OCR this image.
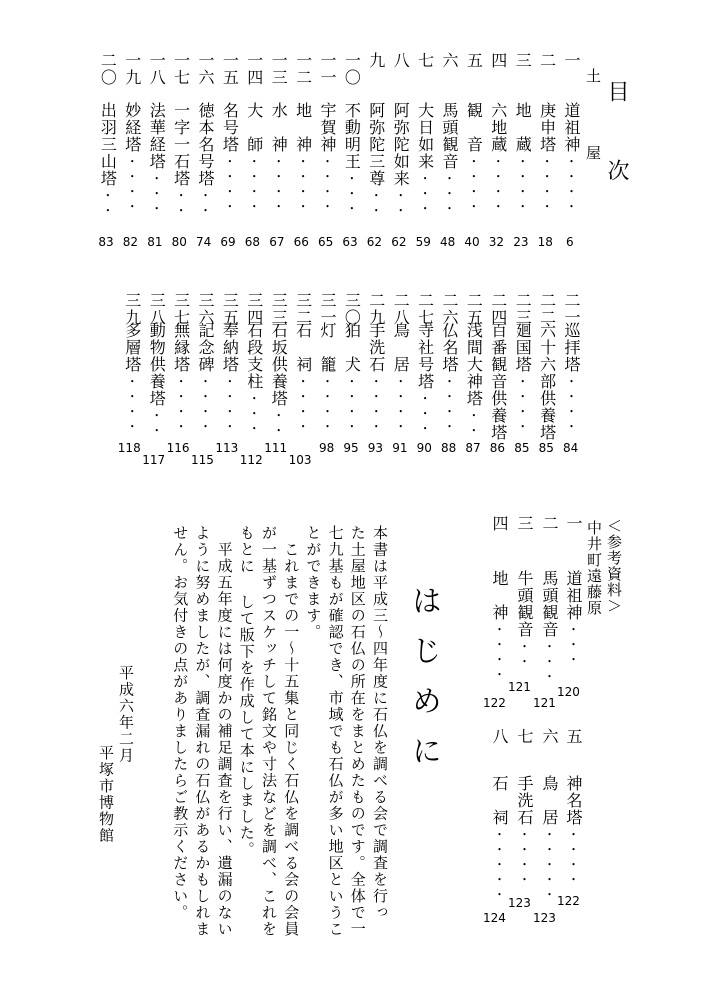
目 次
土 屋
＜参考資料＞
中井町遠藤原
はじめに
本書は平成三～四年度に石仏を調べる会で調査を行っ
た土屋地区の石仏の所在をまとめたものです。全体で一
七九基もが確認でき、市域でも石仏が多い地区というこ
とができます。
　これまでの一～十五集と同じく石仏を調べる会の会員
が一基ずつスケッチして銘文や寸法などを調べ、これを
もとに して版下を作成して本にしました。
　平成五年度には何度かの補足調査を行い、遺漏のない
ように努めましたが、調査漏れの石仏があるかもしれま
せん。お気付きの点がありましたらご教示ください。
平成六年二月
平塚市博物館
一
道祖神
・・・・
6
二
庚申塔
・・・・
18
三
地　蔵
・・・・
23
四
六地蔵
・・・・
32
五
観　音
・・・・
40
六
馬頭観音
・・・
48
七
大日如来
・・・
59
八
阿弥陀如来
・・
62
九
阿弥陀三尊
・・
62
一〇
不動明王
・・・
63
一一
宇賀神
・・・・
65
一二
地　神
・・・・
66
一三
水　神
・・・・
67
一四
大　師
・・・・
68
一五
名号塔
・・・・
69
一六
徳本名号塔
・・
74
一七
一字一石塔
・・
80
一八
法華経塔
・・・
81
一九
妙経塔
・・・・
82
二〇
出羽三山塔
・・
83
二一
巡拝塔
・・・・
84
二二
六十六部供養塔
85
二三
廻国塔
・・・・
85
二四
百番観音供養塔
86
二五
浅間大神塔
・・
87
二六
仏名塔
・・・・
88
二七
寺社号塔
・・・
90
二八
鳥　居
・・・・
91
二九
手洗石
・・・・
93
三〇
狛　犬
・・・・
95
三一
灯　籠
・・・・
98
三二
石　祠
・・・・
103
三三
石坂供養塔
・・
111
三四
石段支柱
・・・
112
三五
奉納塔
・・・・
113
三六
記念碑
・・・・
115
三七
無縁塔
・・・・
116
三八
動物供養塔
・・
117
三九
多層塔
・・・・
118
一
道祖神
・・・
120
二
馬頭観音
・・・
121
三
牛頭観音
・・
121
四
地　神
・・・・
122
五
神名塔
・・・・
122
六
鳥　居
・・・・・
123
七
手洗石
・・・・
123
八
石　祠
・・・・・
124
